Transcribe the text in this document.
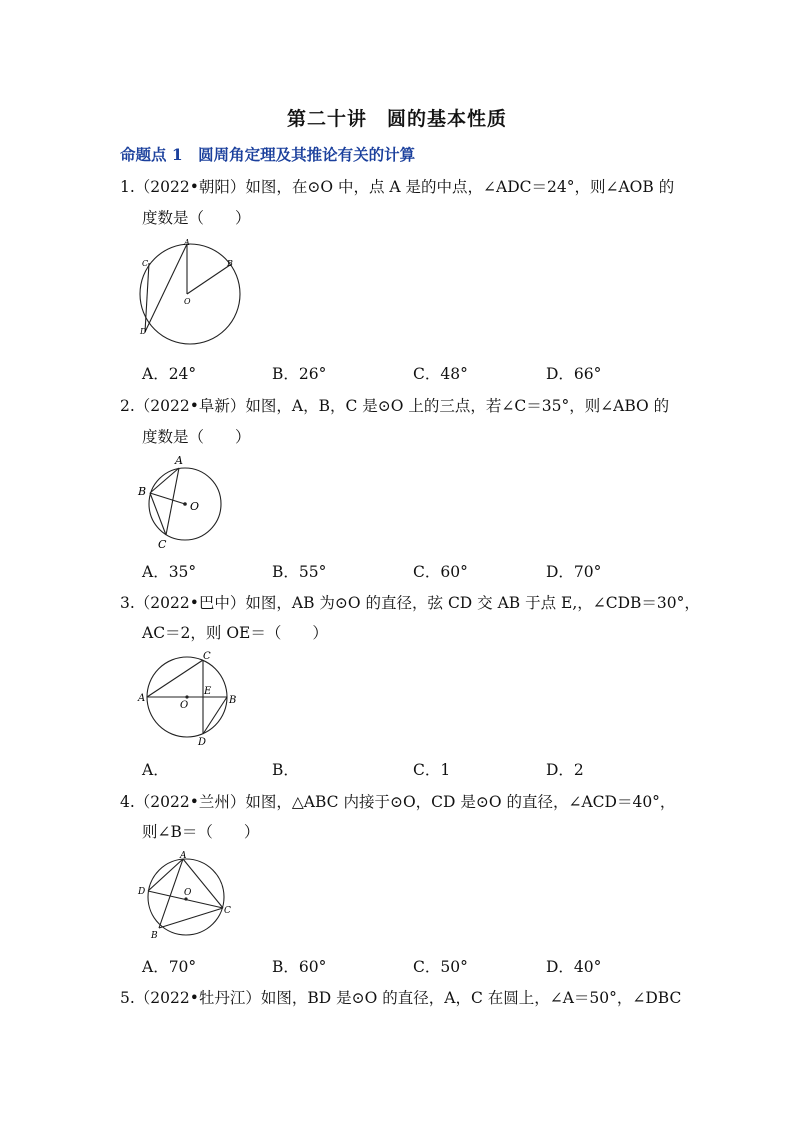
第二十讲　圆的基本性质
命题点 1　圆周角定理及其推论有关的计算
1.（2022•朝阳）如图，在⊙O 中，点 A 是的中点，∠ADC＝24°，则∠AOB 的
度数是（　　）
A
B
C
D
O
A．24°	B．26°	C．48°	D．66°
2.（2022•阜新）如图，A，B，C 是⊙O 上的三点，若∠C＝35°，则∠ABO 的
度数是（　　）
A
B
C
O
A．35°	B．55°	C．60°	D．70°
3.（2022•巴中）如图，AB 为⊙O 的直径，弦 CD 交 AB 于点 E,，∠CDB＝30°，
AC＝2，则 OE＝（　　）
A	B
C
D
E
O
A．	B．	C．1	D．2
4.（2022•兰州）如图，△ABC 内接于⊙O，CD 是⊙O 的直径，∠ACD＝40°，
则∠B＝（　　）
A
D
C
B
O
A．70°	B．60°	C．50°	D．40°
5.（2022•牡丹江）如图，BD 是⊙O 的直径，A，C 在圆上，∠A＝50°，∠DBC
